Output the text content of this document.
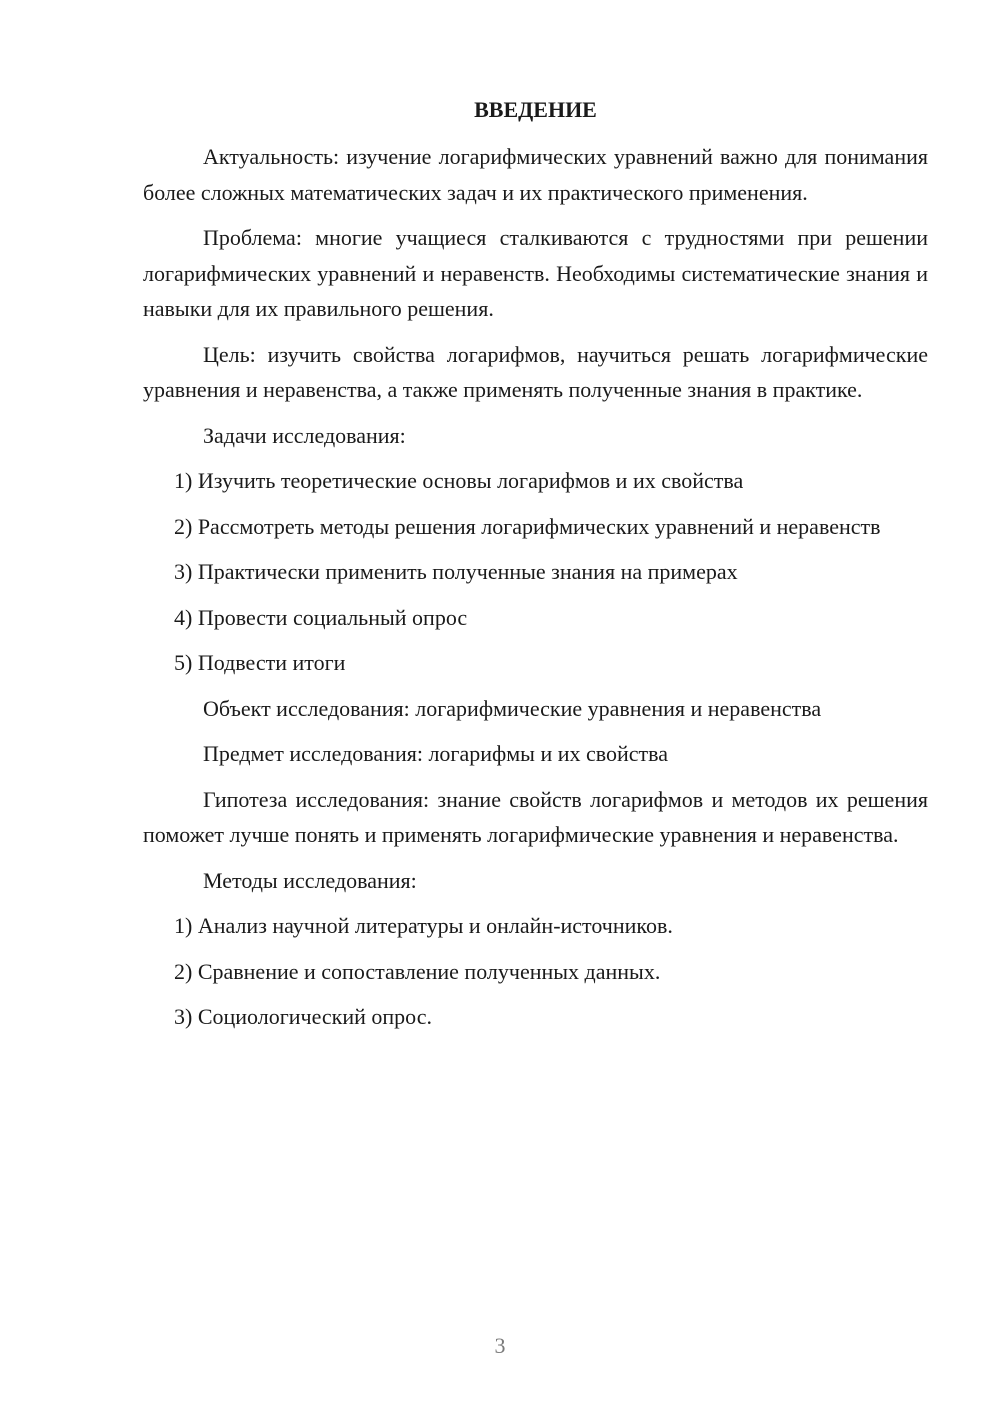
ВВЕДЕНИЕ

Актуальность: изучение логарифмических уравнений важно для понимания более сложных математических задач и их практического применения.

Проблема: многие учащиеся сталкиваются с трудностями при решении логарифмических уравнений и неравенств. Необходимы систематические знания и навыки для их правильного решения.

Цель: изучить свойства логарифмов, научиться решать логарифмические уравнения и неравенства, а также применять полученные знания в практике.

Задачи исследования:

1) Изучить теоретические основы логарифмов и их свойства

2) Рассмотреть методы решения логарифмических уравнений и неравенств

3) Практически применить полученные знания на примерах

4) Провести социальный опрос

5) Подвести итоги

Объект исследования: логарифмические уравнения и неравенства

Предмет исследования: логарифмы и их свойства

Гипотеза исследования: знание свойств логарифмов и методов их решения поможет лучше понять и применять логарифмические уравнения и неравенства.

Методы исследования:

1) Анализ научной литературы и онлайн-источников.

2) Сравнение и сопоставление полученных данных.

3) Социологический опрос.

3
